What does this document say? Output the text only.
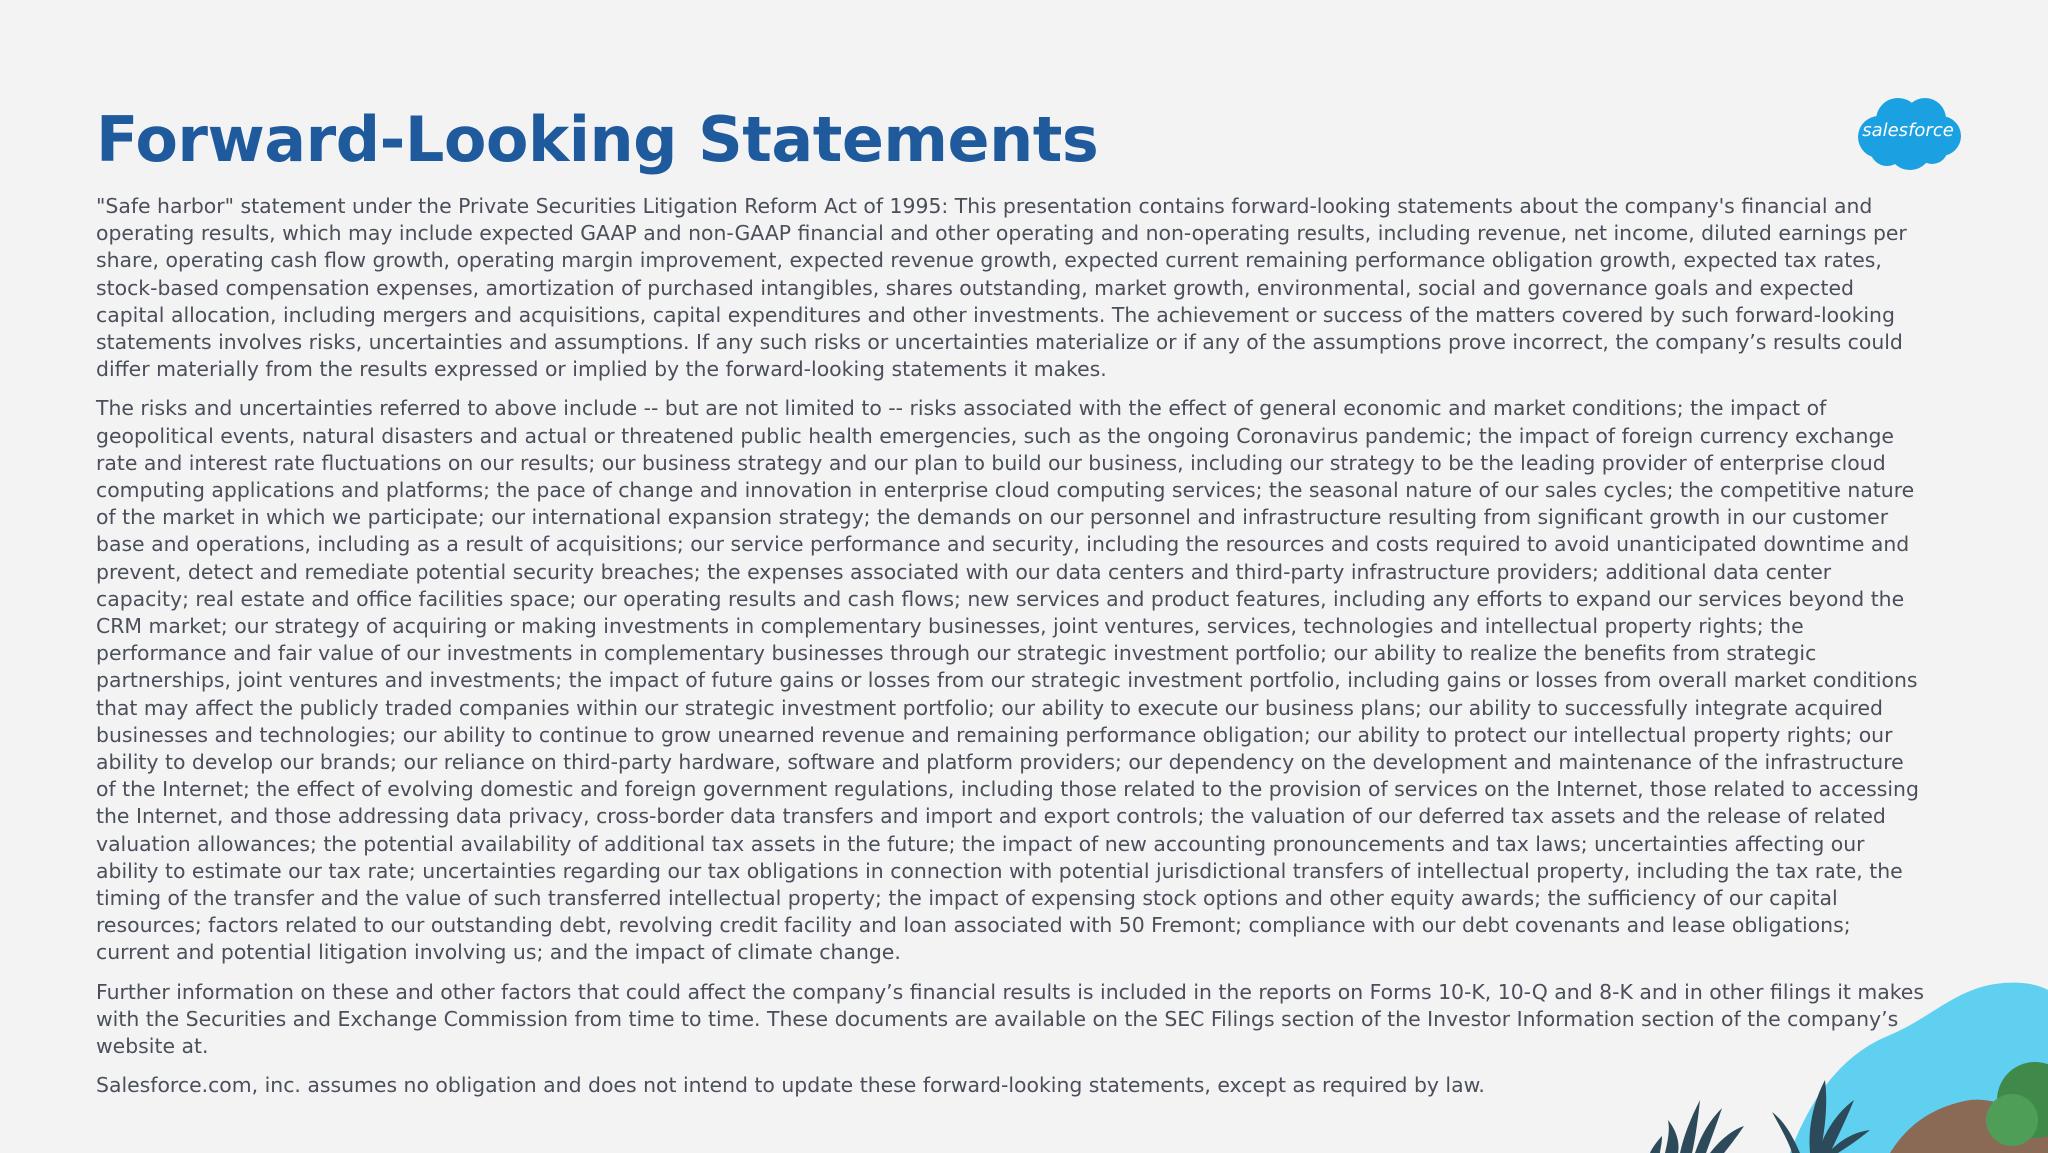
Forward-Looking Statements	salesforce

"Safe harbor" statement under the Private Securities Litigation Reform Act of 1995: This presentation contains forward-looking statements about the company's financial and operating results, which may include expected GAAP and non-GAAP financial and other operating and non-operating results, including revenue, net income, diluted earnings per share, operating cash flow growth, operating margin improvement, expected revenue growth, expected current remaining performance obligation growth, expected tax rates, stock-based compensation expenses, amortization of purchased intangibles, shares outstanding, market growth, environmental, social and governance goals and expected capital allocation, including mergers and acquisitions, capital expenditures and other investments. The achievement or success of the matters covered by such forward-looking statements involves risks, uncertainties and assumptions. If any such risks or uncertainties materialize or if any of the assumptions prove incorrect, the company’s results could differ materially from the results expressed or implied by the forward-looking statements it makes.

The risks and uncertainties referred to above include -- but are not limited to -- risks associated with the effect of general economic and market conditions; the impact of geopolitical events, natural disasters and actual or threatened public health emergencies, such as the ongoing Coronavirus pandemic; the impact of foreign currency exchange rate and interest rate fluctuations on our results; our business strategy and our plan to build our business, including our strategy to be the leading provider of enterprise cloud computing applications and platforms; the pace of change and innovation in enterprise cloud computing services; the seasonal nature of our sales cycles; the competitive nature of the market in which we participate; our international expansion strategy; the demands on our personnel and infrastructure resulting from significant growth in our customer base and operations, including as a result of acquisitions; our service performance and security, including the resources and costs required to avoid unanticipated downtime and prevent, detect and remediate potential security breaches; the expenses associated with our data centers and third-party infrastructure providers; additional data center capacity; real estate and office facilities space; our operating results and cash flows; new services and product features, including any efforts to expand our services beyond the CRM market; our strategy of acquiring or making investments in complementary businesses, joint ventures, services, technologies and intellectual property rights; the performance and fair value of our investments in complementary businesses through our strategic investment portfolio; our ability to realize the benefits from strategic partnerships, joint ventures and investments; the impact of future gains or losses from our strategic investment portfolio, including gains or losses from overall market conditions that may affect the publicly traded companies within our strategic investment portfolio; our ability to execute our business plans; our ability to successfully integrate acquired businesses and technologies; our ability to continue to grow unearned revenue and remaining performance obligation; our ability to protect our intellectual property rights; our ability to develop our brands; our reliance on third-party hardware, software and platform providers; our dependency on the development and maintenance of the infrastructure of the Internet; the effect of evolving domestic and foreign government regulations, including those related to the provision of services on the Internet, those related to accessing the Internet, and those addressing data privacy, cross-border data transfers and import and export controls; the valuation of our deferred tax assets and the release of related valuation allowances; the potential availability of additional tax assets in the future; the impact of new accounting pronouncements and tax laws; uncertainties affecting our ability to estimate our tax rate; uncertainties regarding our tax obligations in connection with potential jurisdictional transfers of intellectual property, including the tax rate, the timing of the transfer and the value of such transferred intellectual property; the impact of expensing stock options and other equity awards; the sufficiency of our capital resources; factors related to our outstanding debt, revolving credit facility and loan associated with 50 Fremont; compliance with our debt covenants and lease obligations; current and potential litigation involving us; and the impact of climate change.

Further information on these and other factors that could affect the company’s financial results is included in the reports on Forms 10-K, 10-Q and 8-K and in other filings it makes with the Securities and Exchange Commission from time to time. These documents are available on the SEC Filings section of the Investor Information section of the company’s website at.

Salesforce.com, inc. assumes no obligation and does not intend to update these forward-looking statements, except as required by law.
